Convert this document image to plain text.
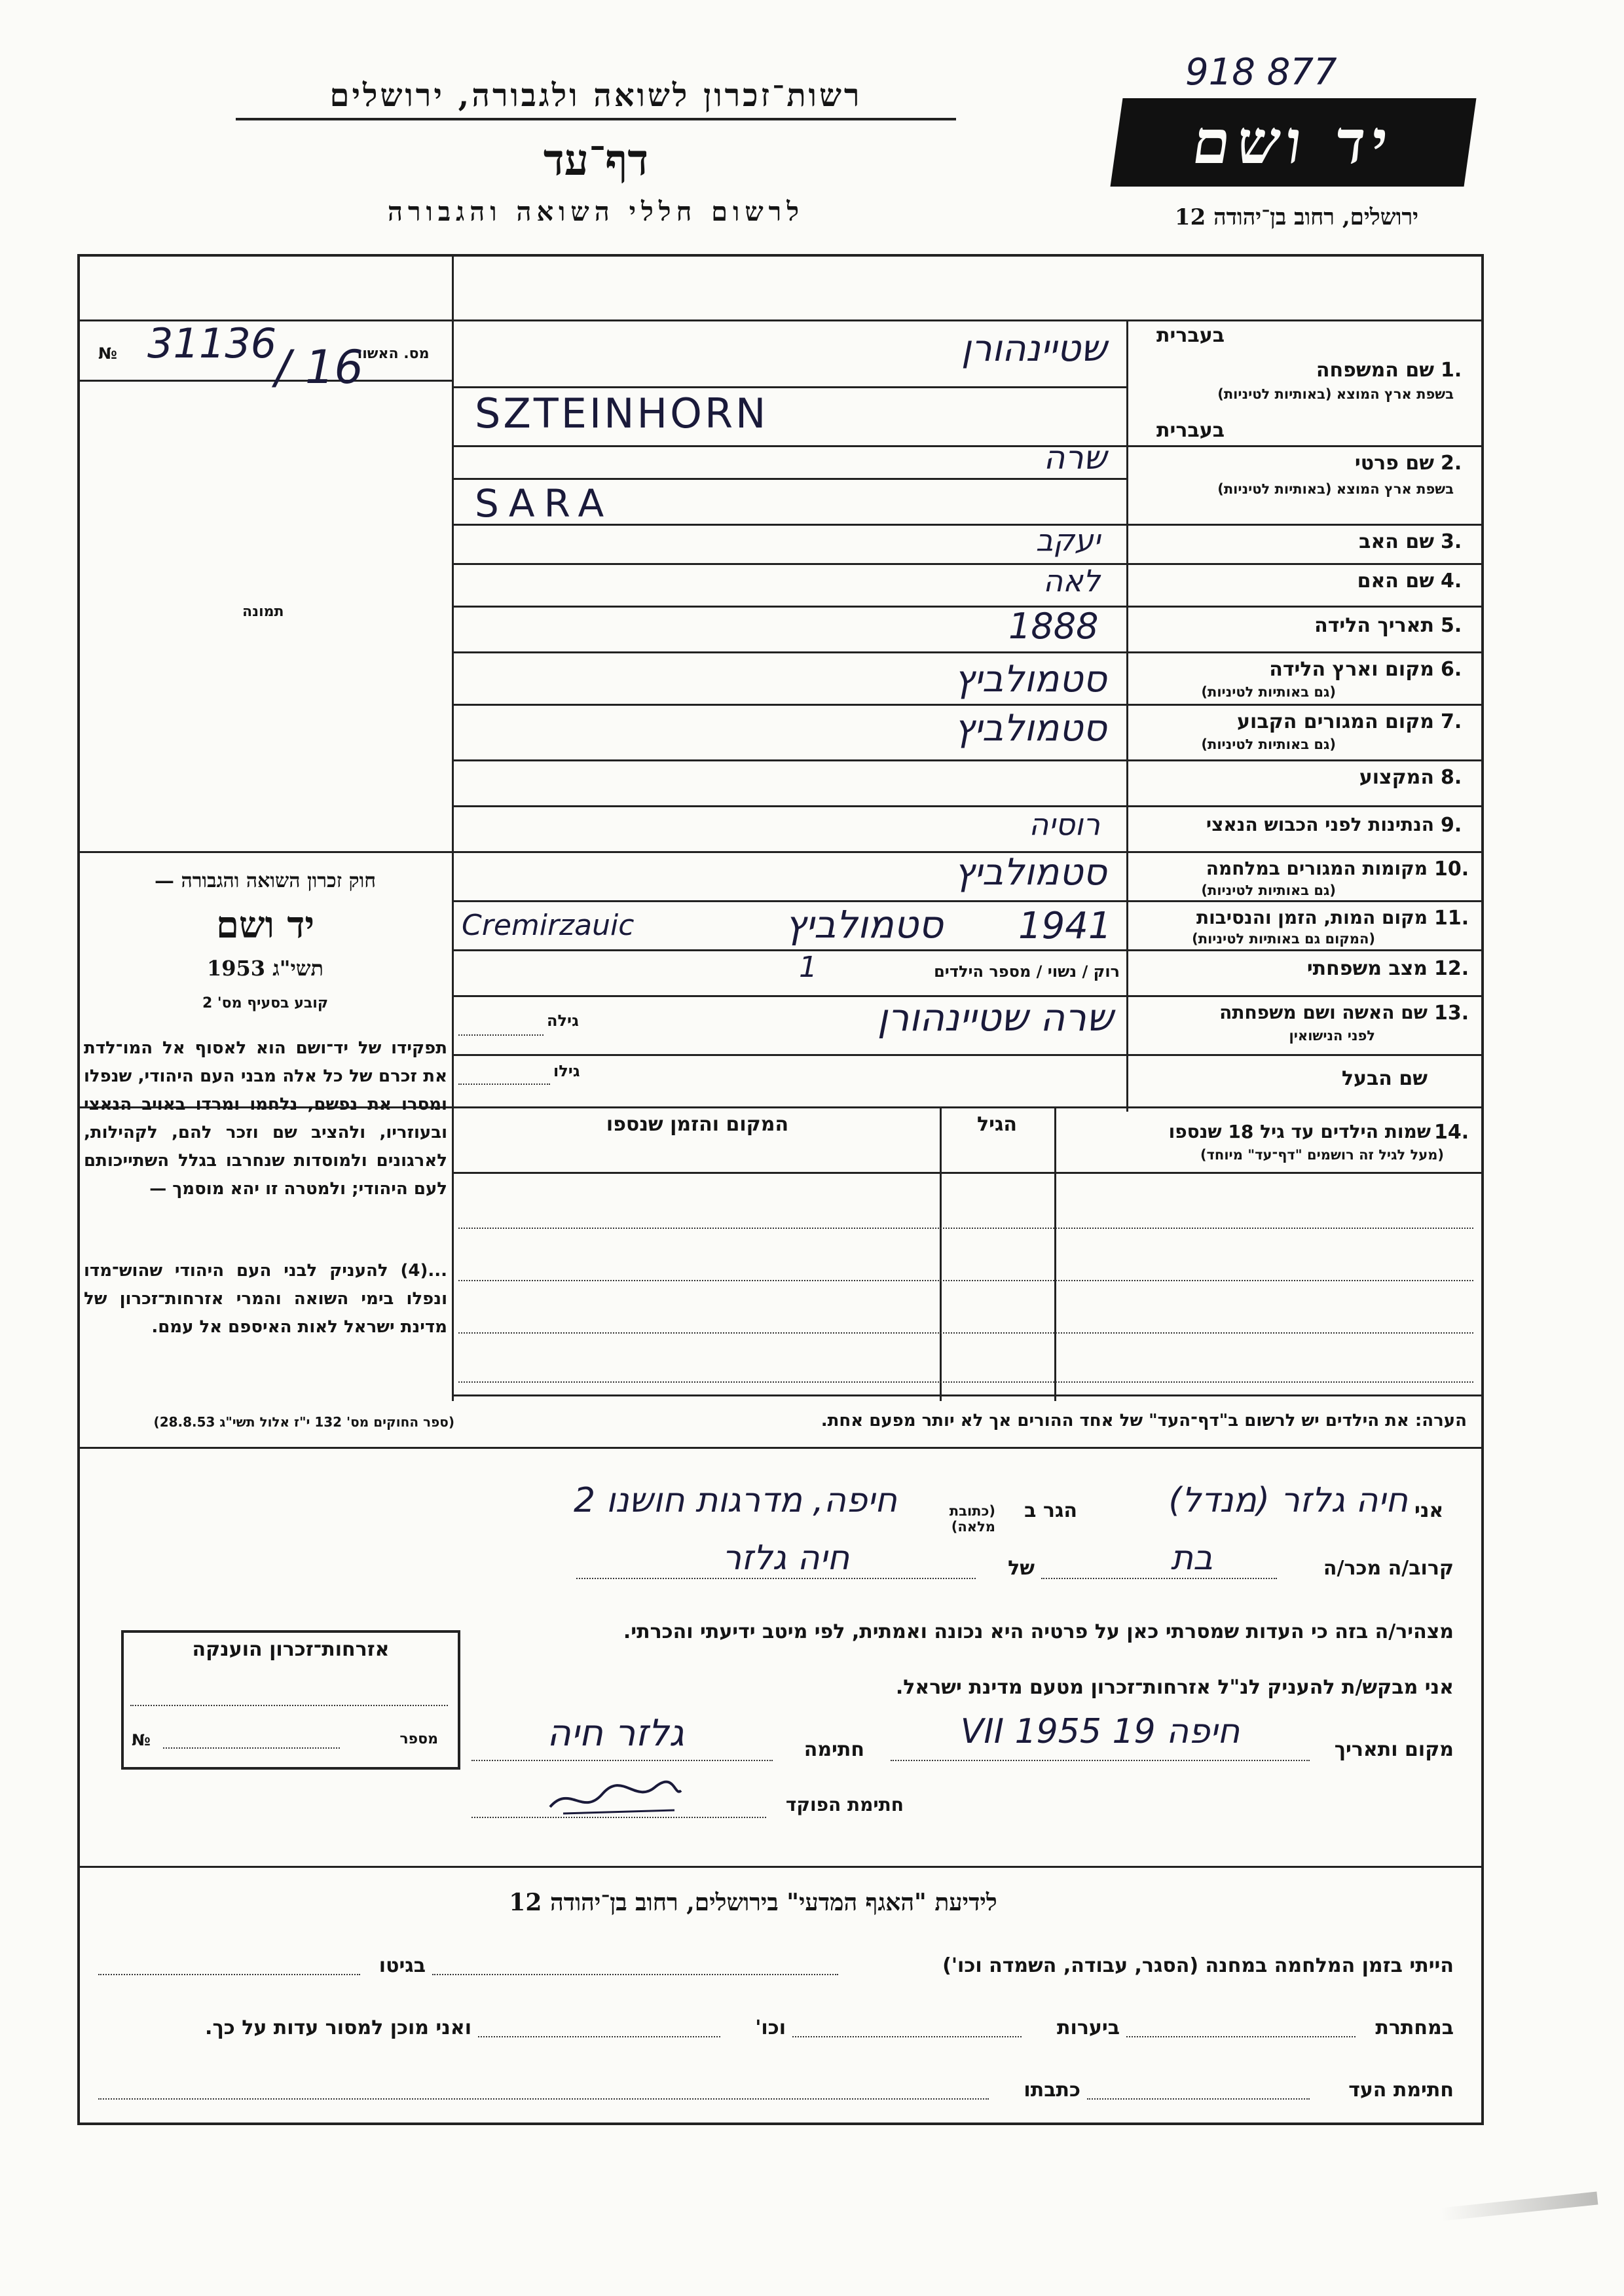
רשות־זכרון לשואה ולגבורה, ירושלים
דף־עד
לרשום חללי השואה והגבורה
918 877
יד ושם
ירושלים, רחוב בן־יהודה 12
מס. האשור
№ 31136
/ 16
תמונה
בעברית
1.
שם המשפחה
בשפת ארץ המוצא (באותיות לטיניות)
שטיינהורן
SZTEINHORN	בעברית
2.
שם פרטי
בשפת ארץ המוצא (באותיות לטיניות)
שרה
SARA
3.
שם האב
יעקב
4.
שם האם
לאה
5.
תאריך הלידה
1888
6.
מקום וארץ הלידה
(גם באותיות לטיניות)
סטמולביץ
7.
מקום המגורים הקבוע
(גם באותיות לטיניות)
סטמולביץ
8.
המקצוע
9.
הנתינות לפני הכבוש הנאצי
רוסיה
10.
מקומות המגורים במלחמה
(גם באותיות לטיניות)
סטמולביץ
11.
מקום המות, הזמן והנסיבות
(המקום גם באותיות לטיניות)
Cremirzauic	סטמולביץ 1941
12.
מצב משפחתי
רוק / נשוי / מספר הילדים
1
13.
שם האשה ושם משפחתה
לפני הנישואין
שרה שטיינהורן
גילה
שם הבעל
גילו
חוק זכרון השואה והגבורה —
יד ושם
תשי"ג 1953
קובע בסעיף מס' 2
תפקידו של יד־ושם הוא לאסוף אל המו־לדת את זכרם של כל אלה מבני העם היהודי, שנפלו ומסרו את נפשם, נלחמו ומרדו באויב הנאצי ובעוזריו, ולהציב שם וזכר להם, לקהילות, לארגונים ולמוסדות שנחרבו בגלל השתייכותם לעם היהודי; ולמטרה זו יהא מוסמך —
...(4) להעניק לבני העם היהודי שהוש־מדו ונפלו בימי השואה והמרי אזרחות־זכרון של מדינת ישראל לאות האיספם אל עמם.
(ספר החוקים מס' 132 י"ז אלול תשי"ג 28.8.53)
14.
שמות הילדים עד גיל 18 שנספו
(מעל לגיל זה רושמים "דף־עד" מיוחד)
הגיל
המקום והזמן שנספו
הערה: את הילדים יש לרשום ב"דף־העד" של אחד ההורים אך לא יותר מפעם אחת.
אני
חיה גלזר (מנדל)
הגר ב
(כתובת מלאה)
חיפה, מדרגות חושנו 2
קרוב/ה מכר/ה
בת
של
חיה גלזר
מצהיר/ה בזה כי העדות שמסרתי כאן על פרטיה היא נכונה ואמתית, לפי מיטב ידיעתי והכרתי.
אזרחות־זכרון הוענקה
מספר
№
אני מבקש/ת להעניק לנ"ל אזרחות־זכרון מטעם מדינת ישראל.
מקום ותאריך
חיפה 19 VII 1955
חתימה
גלזר חיה
חתימת הפוקד
לידיעת "האגף המדעי" בירושלים, רחוב בן־יהודה 12
הייתי בזמן המלחמה במחנה (הסגר, עבודה, השמדה וכו')
בגיטו
במחתרת
ביערות
וכו'
ואני מוכן למסור עדות על כך.
חתימת העד
כתבתו
